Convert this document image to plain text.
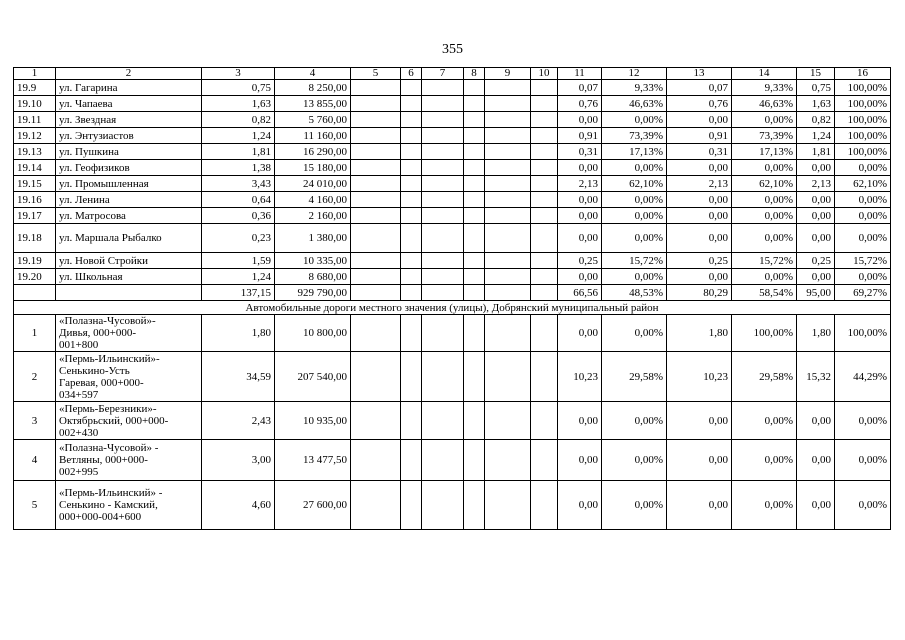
355
1	2	3	4	5	6	7	8	9	10	11	12	13	14	15	16
19.9	ул. Гагарина	0,75	8 250,00							0,07	9,33%	0,07	9,33%	0,75	100,00%
19.10	ул. Чапаева	1,63	13 855,00							0,76	46,63%	0,76	46,63%	1,63	100,00%
19.11	ул. Звездная	0,82	5 760,00							0,00	0,00%	0,00	0,00%	0,82	100,00%
19.12	ул. Энтузиастов	1,24	11 160,00							0,91	73,39%	0,91	73,39%	1,24	100,00%
19.13	ул. Пушкина	1,81	16 290,00							0,31	17,13%	0,31	17,13%	1,81	100,00%
19.14	ул. Геофизиков	1,38	15 180,00							0,00	0,00%	0,00	0,00%	0,00	0,00%
19.15	ул. Промышленная	3,43	24 010,00							2,13	62,10%	2,13	62,10%	2,13	62,10%
19.16	ул. Ленина	0,64	4 160,00							0,00	0,00%	0,00	0,00%	0,00	0,00%
19.17	ул. Матросова	0,36	2 160,00							0,00	0,00%	0,00	0,00%	0,00	0,00%
19.18	ул. Маршала Рыбалко	0,23	1 380,00							0,00	0,00%	0,00	0,00%	0,00	0,00%
19.19	ул. Новой Стройки	1,59	10 335,00							0,25	15,72%	0,25	15,72%	0,25	15,72%
19.20	ул. Школьная	1,24	8 680,00							0,00	0,00%	0,00	0,00%	0,00	0,00%
		137,15	929 790,00							66,56	48,53%	80,29	58,54%	95,00	69,27%
Автомобильные дороги местного значения (улицы), Добрянский муниципальный район															
1	«Полазна-Чусовой»-
Дивья, 000+000-
001+800	1,80	10 800,00							0,00	0,00%	1,80	100,00%	1,80	100,00%
2	«Пермь-Ильинский»-
Сенькино-Усть
Гаревая, 000+000-
034+597	34,59	207 540,00							10,23	29,58%	10,23	29,58%	15,32	44,29%
3	«Пермь-Березники»-
Октябрьский, 000+000-
002+430	2,43	10 935,00							0,00	0,00%	0,00	0,00%	0,00	0,00%
4	«Полазна-Чусовой» -
Ветляны, 000+000-
002+995	3,00	13 477,50							0,00	0,00%	0,00	0,00%	0,00	0,00%
5	«Пермь-Ильинский» -
Сенькино - Камский,
000+000-004+600	4,60	27 600,00							0,00	0,00%	0,00	0,00%	0,00	0,00%
